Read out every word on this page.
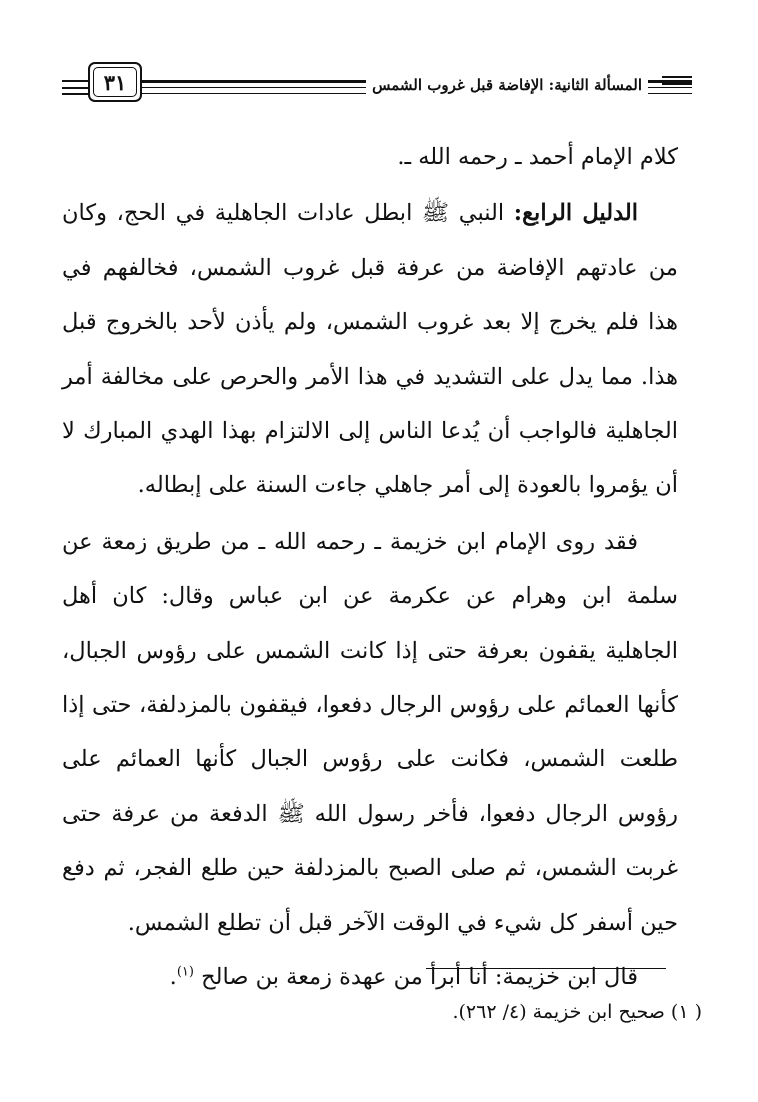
٣١	المسألة الثانية: الإفاضة قبل غروب الشمس

كلام الإمام أحمد ـ رحمه الله ـ.

الدليل الرابع: النبي ﷺ ابطل عادات الجاهلية في الحج، وكان من عادتهم الإفاضة من عرفة قبل غروب الشمس، فخالفهم في هذا فلم يخرج إلا بعد غروب الشمس، ولم يأذن لأحد بالخروج قبل هذا. مما يدل على التشديد في هذا الأمر والحرص على مخالفة أمر الجاهلية فالواجب أن يُدعا الناس إلى الالتزام بهذا الهدي المبارك لا أن يؤمروا بالعودة إلى أمر جاهلي جاءت السنة على إبطاله.

فقد روى الإمام ابن خزيمة ـ رحمه الله ـ من طريق زمعة عن سلمة ابن وهرام عن عكرمة عن ابن عباس وقال: كان أهل الجاهلية يقفون بعرفة حتى إذا كانت الشمس على رؤوس الجبال، كأنها العمائم على رؤوس الرجال دفعوا، فيقفون بالمزدلفة، حتى إذا طلعت الشمس، فكانت على رؤوس الجبال كأنها العمائم على رؤوس الرجال دفعوا، فأخر رسول الله ﷺ الدفعة من عرفة حتى غربت الشمس، ثم صلى الصبح بالمزدلفة حين طلع الفجر، ثم دفع حين أسفر كل شيء في الوقت الآخر قبل أن تطلع الشمس.

قال ابن خزيمة: أنا أبرأ من عهدة زمعة بن صالح $^{(١)}$.

( ١) صحيح ابن خزيمة (٤/ ٢٦٢).
